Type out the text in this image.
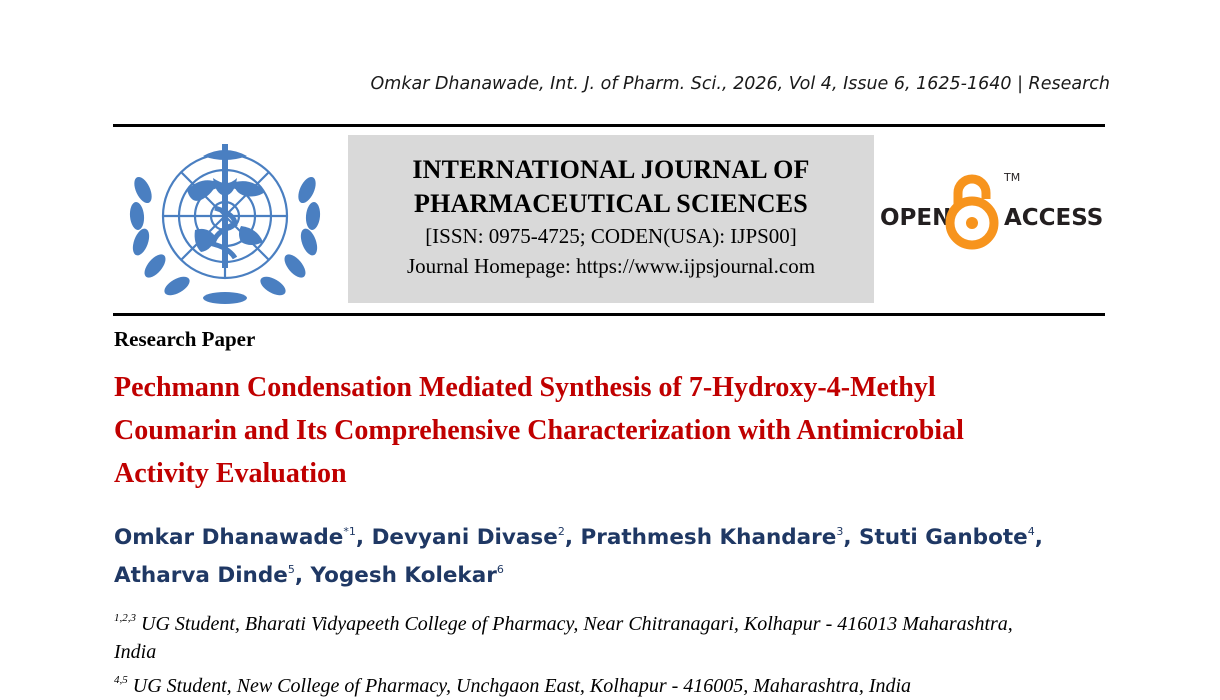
Omkar Dhanawade, Int. J. of Pharm. Sci., 2026, Vol 4, Issue 6, 1625-1640 | Research
INTERNATIONAL JOURNAL OF
PHARMACEUTICAL SCIENCES
[ISSN: 0975-4725; CODEN(USA): IJPS00]
Journal Homepage: https://www.ijpsjournal.com
OPEN
TM
ACCESS
Research Paper
Pechmann Condensation Mediated Synthesis of 7-Hydroxy-4-Methyl
Coumarin and Its Comprehensive Characterization with Antimicrobial
Activity Evaluation
Omkar Dhanawade$^{*1}$, Devyani Divase$^2$, Prathmesh Khandare$^3$, Stuti Ganbote$^4$,
Atharva Dinde$^5$, Yogesh Kolekar$^6$
$^{1,2,3}$ UG Student, Bharati Vidyapeeth College of Pharmacy, Near Chitranagari, Kolhapur - 416013 Maharashtra,
India
$^{4,5}$ UG Student, New College of Pharmacy, Unchgaon East, Kolhapur - 416005, Maharashtra, India
